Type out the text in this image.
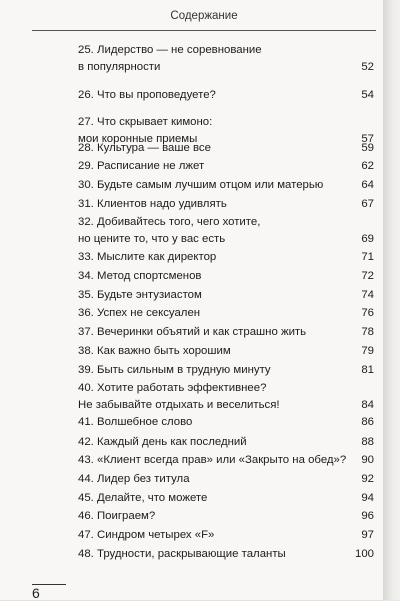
Содержание
25. Лидерство — не соревнование
в популярности	52
26. Что вы проповедуете?	54
27. Что скрывает кимоно:
мои коронные приемы	57
28. Культура — ваше все	59
29. Расписание не лжет	62
30. Будьте самым лучшим отцом или матерью	64
31. Клиентов надо удивлять	67
32. Добивайтесь того, чего хотите,
но цените то, что у вас есть	69
33. Мыслите как директор	71
34. Метод спортсменов	72
35. Будьте энтузиастом	74
36. Успех не сексуален	76
37. Вечеринки объятий и как страшно жить	78
38. Как важно быть хорошим	79
39. Быть сильным в трудную минуту	81
40. Хотите работать эффективнее?
Не забывайте отдыхать и веселиться!	84
41. Волшебное слово	86
42. Каждый день как последний	88
43. «Клиент всегда прав» или «Закрыто на обед»?	90
44. Лидер без титула	92
45. Делайте, что можете	94
46. Поиграем?	96
47. Синдром четырех «F»	97
48. Трудности, раскрывающие таланты	100
6
